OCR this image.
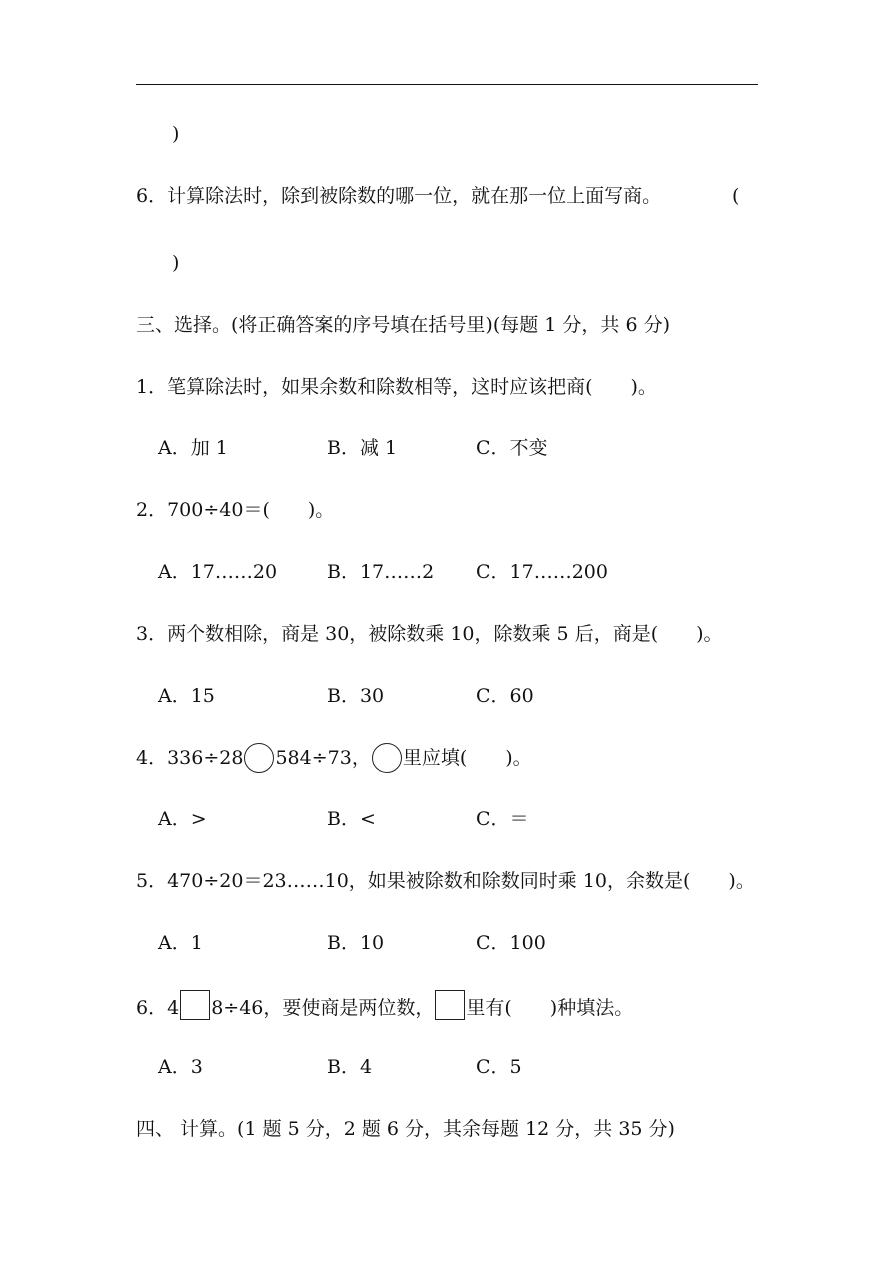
)
6．计算除法时，除到被除数的哪一位，就在那一位上面写商。	(
)
三、选择。(将正确答案的序号填在括号里)(每题 1 分，共 6 分)
1．笔算除法时，如果余数和除数相等，这时应该把商(　　)。
A．加 1	B．减 1	C．不变
2．700÷40＝(　　)。
A．17……20	B．17……2 C．17……200
3．两个数相除，商是 30，被除数乘 10，除数乘 5 后，商是(　　)。
A．15	B．30	C．60
4．336÷28 584÷73， 里应填(　　)。
A．>	B．<	C．＝
5．470÷20＝23……10，如果被除数和除数同时乘 10，余数是(　　)。
A．1	B．10	C．100
6．4 8÷46，要使商是两位数， 里有(　　)种填法。
A．3	B．4	C．5
四、 计算。(1 题 5 分，2 题 6 分，其余每题 12 分，共 35 分)
